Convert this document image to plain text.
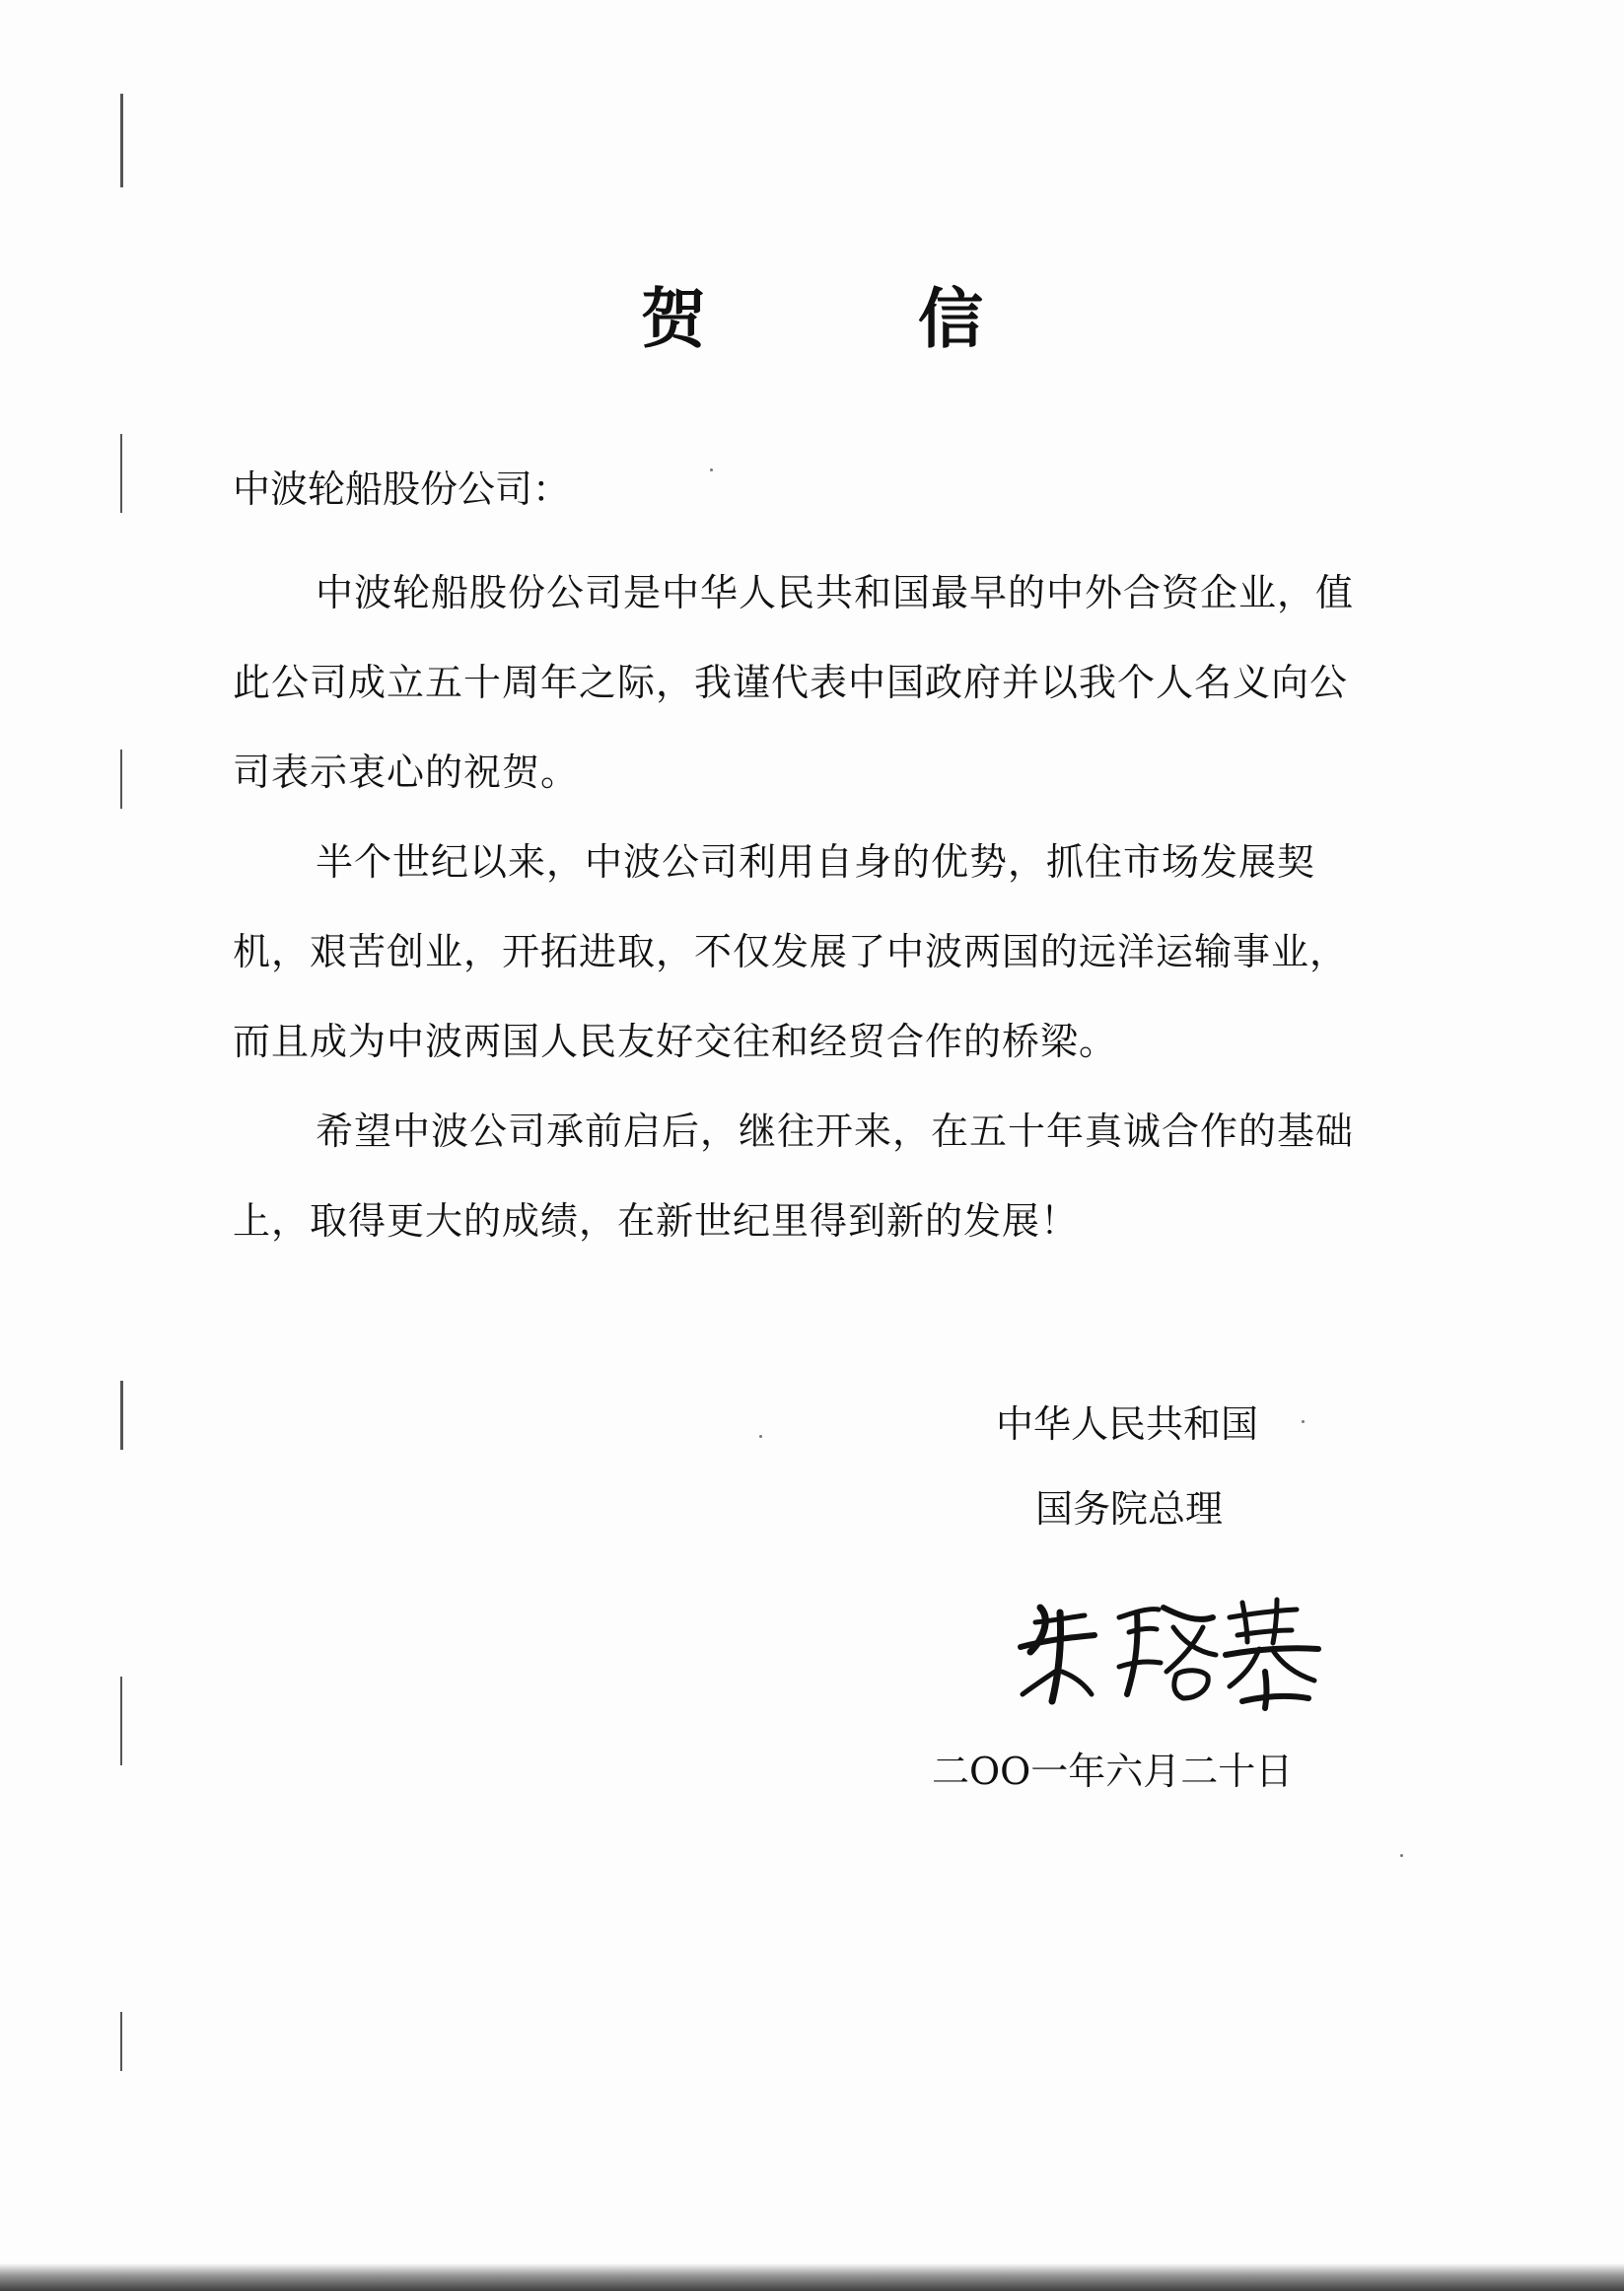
贺 信
中波轮船股份公司：

中波轮船股份公司是中华人民共和国最早的中外合资企业，值此公司成立五十周年之际，我谨代表中国政府并以我个人名义向公司表示衷心的祝贺。

半个世纪以来，中波公司利用自身的优势，抓住市场发展契机，艰苦创业，开拓进取，不仅发展了中波两国的远洋运输事业，而且成为中波两国人民友好交往和经贸合作的桥梁。

希望中波公司承前启后，继往开来，在五十年真诚合作的基础上，取得更大的成绩，在新世纪里得到新的发展！

中华人民共和国
国务院总理
二OO一年六月二十日
